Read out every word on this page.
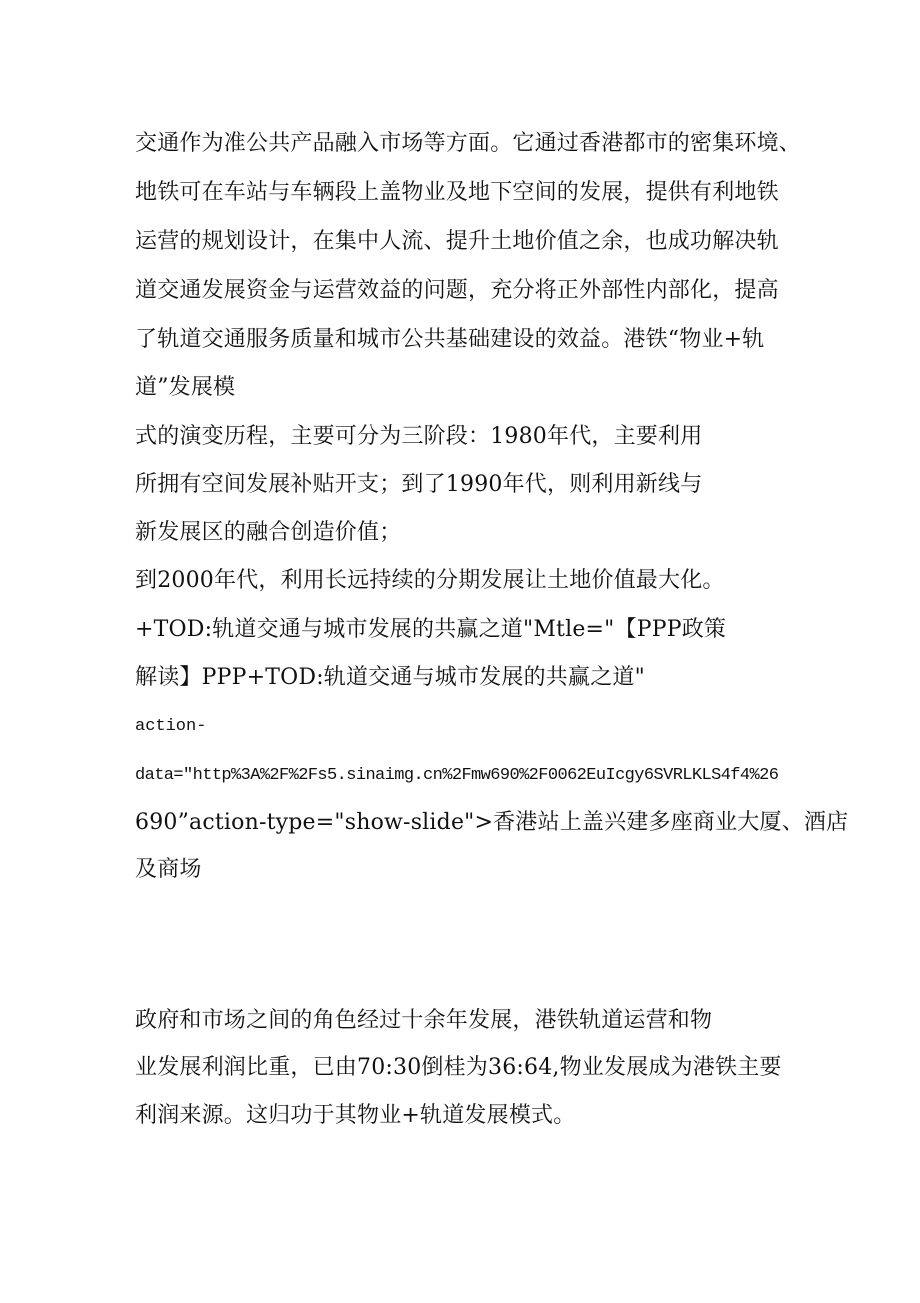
交通作为准公共产品融入市场等方面。它通过香港都市的密集环境、
地铁可在车站与车辆段上盖物业及地下空间的发展，提供有利地铁
运营的规划设计，在集中人流、提升土地价值之余，也成功解决轨
道交通发展资金与运营效益的问题，充分将正外部性内部化，提高
了轨道交通服务质量和城市公共基础建设的效益。港铁“物业+轨
道”发展模
式的演变历程，主要可分为三阶段：1980年代，主要利用
所拥有空间发展补贴开支；到了1990年代，则利用新线与
新发展区的融合创造价值；
到2000年代，利用长远持续的分期发展让土地价值最大化。
+TOD:轨道交通与城市发展的共赢之道"Mtle="【PPP政策
解读】PPP+TOD:轨道交通与城市发展的共赢之道"
action-
data="http%3A%2F%2Fs5.sinaimg.cn%2Fmw690%2F0062EuIcgy6SVRLKLS4f4%26
690”action-type="show-slide">香港站上盖兴建多座商业大厦、酒店
及商场
政府和市场之间的角色经过十余年发展，港铁轨道运营和物
业发展利润比重，已由70:30倒桂为36:64,物业发展成为港铁主要
利润来源。这归功于其物业+轨道发展模式。
